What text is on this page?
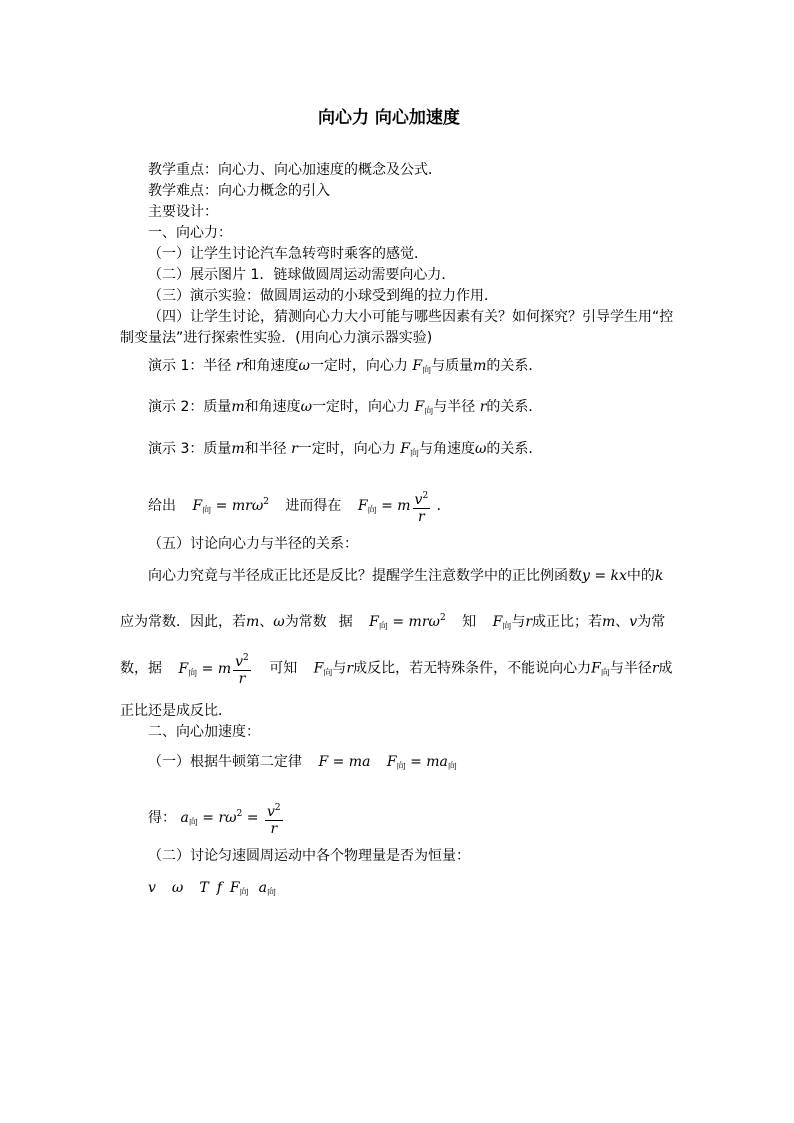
向心力 向心加速度
教学重点：向心力、向心加速度的概念及公式．
教学难点：向心力概念的引入
主要设计：
一、向心力：
（一）让学生讨论汽车急转弯时乘客的感觉．
（二）展示图片 1．链球做圆周运动需要向心力．
（三）演示实验：做圆周运动的小球受到绳的拉力作用．
（四）让学生讨论，猜测向心力大小可能与哪些因素有关？如何探究？引导学生用“控
制变量法”进行探索性实验．(用向心力演示器实验)
演示 1：半径 r和角速度ω一定时，向心力 $F_向$与质量m的关系．
演示 2：质量m和角速度ω一定时，向心力 $F_向$与半径 r的关系．
演示 3：质量m和半径 r一定时，向心力 $F_向$与角速度ω的关系．
给出 $F_向 = mr\omega^2$ 进而得在 $F_向 = m \frac{v^2}{r}$ ．
（五）讨论向心力与半径的关系：
向心力究竟与半径成正比还是反比？提醒学生注意数学中的正比例函数y = kx中的k
应为常数．因此，若m、ω为常数 据 $F_向 = mr\omega^2$ 知 $F_向$与r成正比；若m、v为常
数，据 $F_向 = m \frac{v^2}{r}$ 可知 $F_向$与r成反比，若无特殊条件，不能说向心力$F_向$与半径r成
正比还是成反比．
二、向心加速度：
（一）根据牛顿第二定律 F = ma $F_向 = ma_向$
得： $a_向 = r\omega^2 = \frac{v^2}{r}$
（二）讨论匀速圆周运动中各个物理量是否为恒量：
v ω T f $F_向$ $a_向$
